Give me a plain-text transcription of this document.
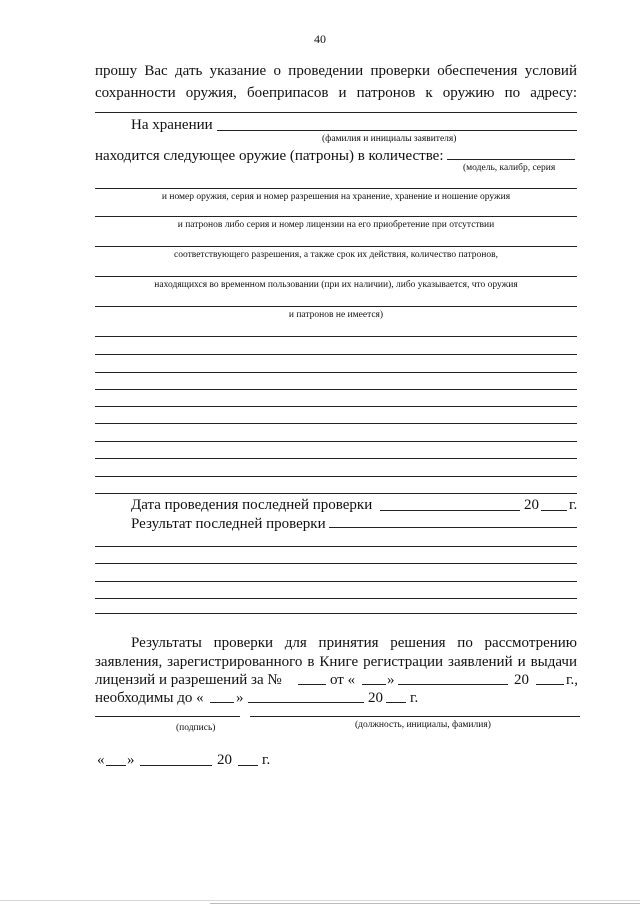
40
прошу Вас дать указание о проведении проверки обеспечения условий
сохранности оружия, боеприпасов и патронов к оружию по адресу:
На хранении
(фамилия и инициалы заявителя)
находится следующее оружие (патроны) в количестве:
(модель, калибр, серия
и номер оружия, серия и номер разрешения на хранение, хранение и ношение оружия
и патронов либо серия и номер лицензии на его приобретение при отсутствии
соответствующего разрешения, а также срок их действия, количество патронов,
находящихся во временном пользовании (при их наличии), либо указывается, что оружия
и патронов не имеется)
Дата проведения последней проверки	20 г.
Результат последней проверки
Результаты проверки для принятия решения по рассмотрению
заявления, зарегистрированного в Книге регистрации заявлений и выдачи
лицензий и разрешений за №	от « »	20 г.,
необходимы до « »	20 г.
(подпись)	(должность, инициалы, фамилия)
« »	20 г.
